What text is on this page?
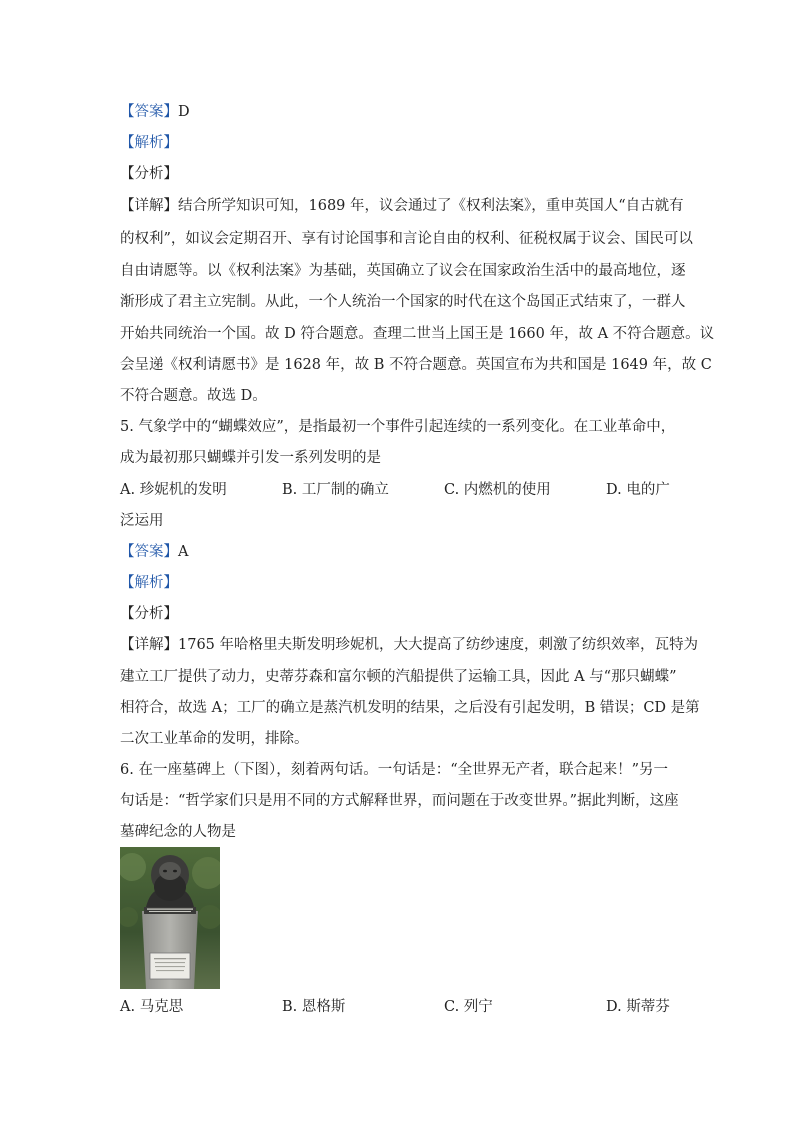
【答案】D
【解析】
【分析】
【详解】结合所学知识可知，1689 年，议会通过了《权利法案》，重申英国人“自古就有
的权利”，如议会定期召开、享有讨论国事和言论自由的权利、征税权属于议会、国民可以
自由请愿等。以《权利法案》为基础，英国确立了议会在国家政治生活中的最高地位，逐
渐形成了君主立宪制。从此，一个人统治一个国家的时代在这个岛国正式结束了，一群人
开始共同统治一个国。故 D 符合题意。查理二世当上国王是 1660 年，故 A 不符合题意。议
会呈递《权利请愿书》是 1628 年，故 B 不符合题意。英国宣布为共和国是 1649 年，故 C
不符合题意。故选 D。
5. 气象学中的“蝴蝶效应”，是指最初一个事件引起连续的一系列变化。在工业革命中，
成为最初那只蝴蝶并引发一系列发明的是
A. 珍妮机的发明	B. 工厂制的确立	C. 内燃机的使用	D. 电的广
泛运用
【答案】A
【解析】
【分析】
【详解】1765 年哈格里夫斯发明珍妮机，大大提高了纺纱速度，刺激了纺织效率，瓦特为
建立工厂提供了动力，史蒂芬森和富尔顿的汽船提供了运输工具，因此 A 与“那只蝴蝶”
相符合，故选 A；工厂的确立是蒸汽机发明的结果，之后没有引起发明，B 错误；CD 是第
二次工业革命的发明，排除。
6. 在一座墓碑上（下图），刻着两句话。一句话是：“全世界无产者，联合起来！”另一
句话是：“哲学家们只是用不同的方式解释世界，而问题在于改变世界。”据此判断，这座
墓碑纪念的人物是
A. 马克思	B. 恩格斯	C. 列宁	D. 斯蒂芬
